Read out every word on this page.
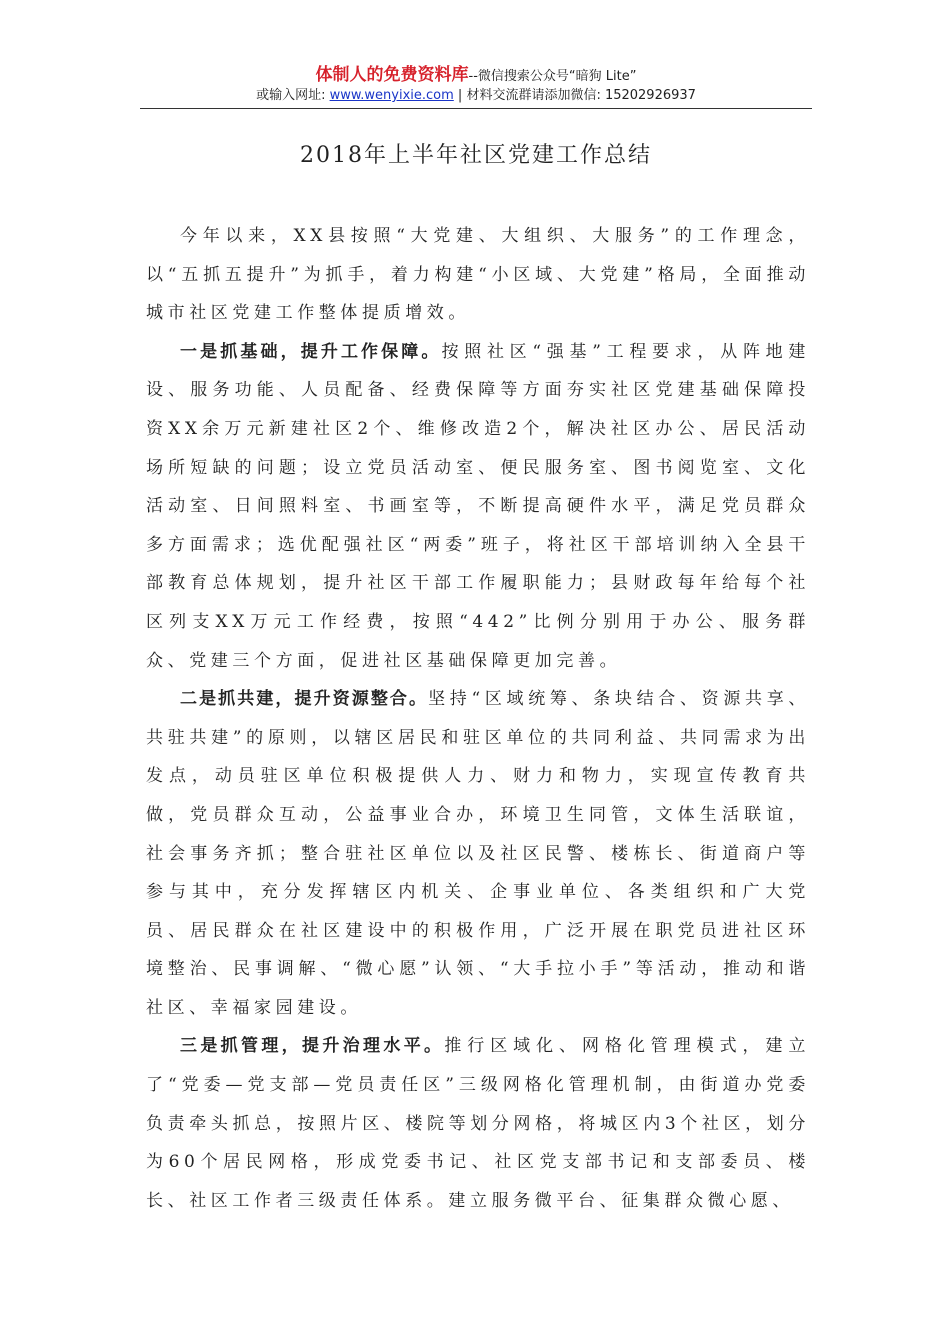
体制人的免费资料库--微信搜索公众号“暗狗 Lite”
或输入网址: www.wenyixie.com | 材料交流群请添加微信: 15202926937
2018年上半年社区党建工作总结

今年以来，XX县按照“大党建、大组织、大服务”的工作理念，以“五抓五提升”为抓手，着力构建“小区域、大党建”格局，全面推动城市社区党建工作整体提质增效。

一是抓基础，提升工作保障。按照社区“强基”工程要求，从阵地建设、服务功能、人员配备、经费保障等方面夯实社区党建基础保障投资XX余万元新建社区2个、维修改造2个，解决社区办公、居民活动场所短缺的问题；设立党员活动室、便民服务室、图书阅览室、文化活动室、日间照料室、书画室等，不断提高硬件水平，满足党员群众多方面需求；选优配强社区“两委”班子，将社区干部培训纳入全县干部教育总体规划，提升社区干部工作履职能力；县财政每年给每个社区列支XX万元工作经费，按照“442”比例分别用于办公、服务群众、党建三个方面，促进社区基础保障更加完善。

二是抓共建，提升资源整合。坚持“区域统筹、条块结合、资源共享、共驻共建”的原则，以辖区居民和驻区单位的共同利益、共同需求为出发点，动员驻区单位积极提供人力、财力和物力，实现宣传教育共做，党员群众互动，公益事业合办，环境卫生同管，文体生活联谊，社会事务齐抓；整合驻社区单位以及社区民警、楼栋长、街道商户等参与其中，充分发挥辖区内机关、企事业单位、各类组织和广大党员、居民群众在社区建设中的积极作用，广泛开展在职党员进社区环境整治、民事调解、“微心愿”认领、“大手拉小手”等活动，推动和谐社区、幸福家园建设。

三是抓管理，提升治理水平。推行区域化、网格化管理模式，建立了“党委—党支部—党员责任区”三级网格化管理机制，由街道办党委负责牵头抓总，按照片区、楼院等划分网格，将城区内3个社区，划分为60个居民网格，形成党委书记、社区党支部书记和支部委员、楼长、社区工作者三级责任体系。建立服务微平台、征集群众微心愿、
